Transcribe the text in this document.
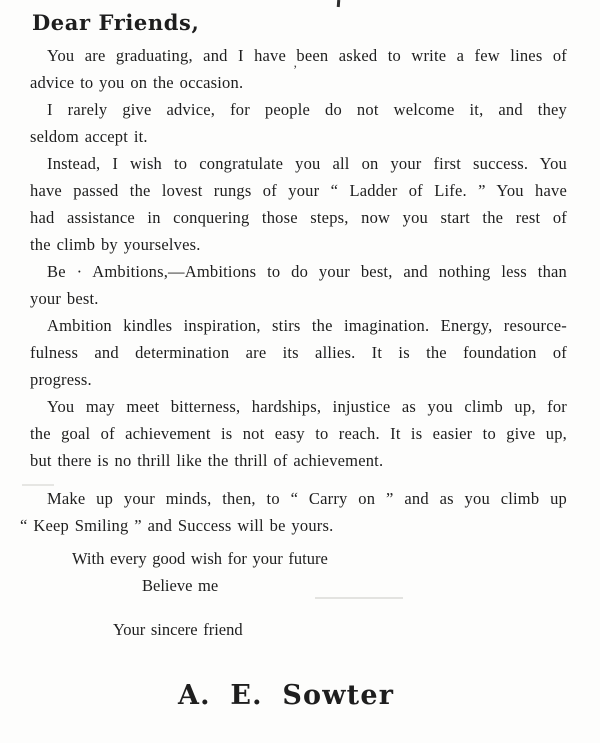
ʼ
Dear Friends,
You are graduating, and I have been asked to write a few lines of
advice to you on the occasion.
I rarely give advice, for people do not welcome it, and they
seldom accept it.
Instead, I wish to congratulate you all on your first success. You
have passed the lovest rungs of your “ Ladder of Life. ” You have
had assistance in conquering those steps, now you start the rest of
the climb by yourselves.
Be · Ambitions,—Ambitions to do your best, and nothing less than
your best.
Ambition kindles inspiration, stirs the imagination. Energy, resource-
fulness and determination are its allies. It is the foundation of
progress.
You may meet bitterness, hardships, injustice as you climb up, for
the goal of achievement is not easy to reach. It is easier to give up,
but there is no thrill like the thrill of achievement.
Make up your minds, then, to “ Carry on ” and as you climb up
“ Keep Smiling ” and Success will be yours.
With every good wish for your future
Believe me
Your sincere friend
A. E. Sowter
